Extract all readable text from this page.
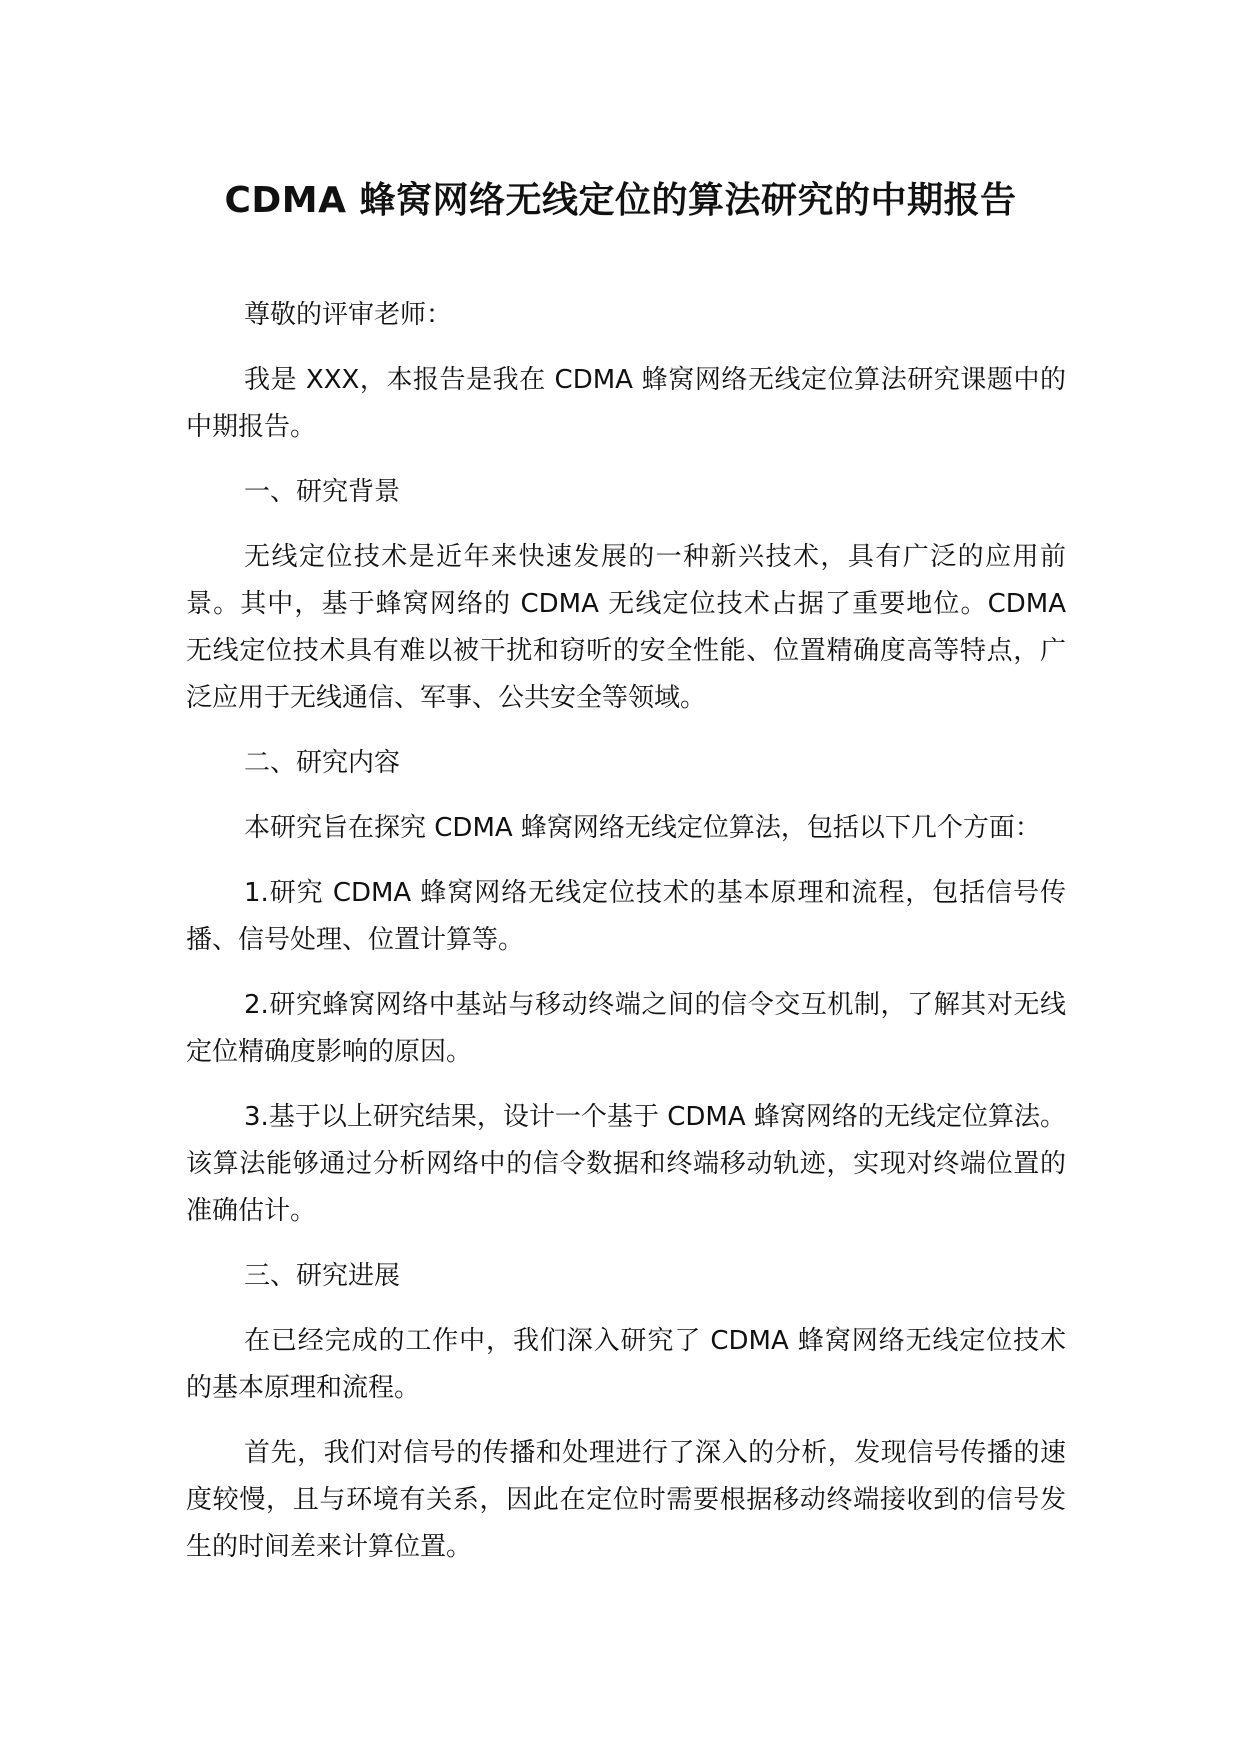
CDMA 蜂窝网络无线定位的算法研究的中期报告

尊敬的评审老师：

我是 XXX，本报告是我在 CDMA 蜂窝网络无线定位算法研究课题中的中期报告。

一、研究背景

无线定位技术是近年来快速发展的一种新兴技术，具有广泛的应用前景。其中，基于蜂窝网络的 CDMA 无线定位技术占据了重要地位。CDMA 无线定位技术具有难以被干扰和窃听的安全性能、位置精确度高等特点，广泛应用于无线通信、军事、公共安全等领域。

二、研究内容

本研究旨在探究 CDMA 蜂窝网络无线定位算法，包括以下几个方面：

1.研究 CDMA 蜂窝网络无线定位技术的基本原理和流程，包括信号传播、信号处理、位置计算等。

2.研究蜂窝网络中基站与移动终端之间的信令交互机制，了解其对无线定位精确度影响的原因。

3.基于以上研究结果，设计一个基于 CDMA 蜂窝网络的无线定位算法。该算法能够通过分析网络中的信令数据和终端移动轨迹，实现对终端位置的准确估计。

三、研究进展

在已经完成的工作中，我们深入研究了 CDMA 蜂窝网络无线定位技术的基本原理和流程。

首先，我们对信号的传播和处理进行了深入的分析，发现信号传播的速度较慢，且与环境有关系，因此在定位时需要根据移动终端接收到的信号发生的时间差来计算位置。
